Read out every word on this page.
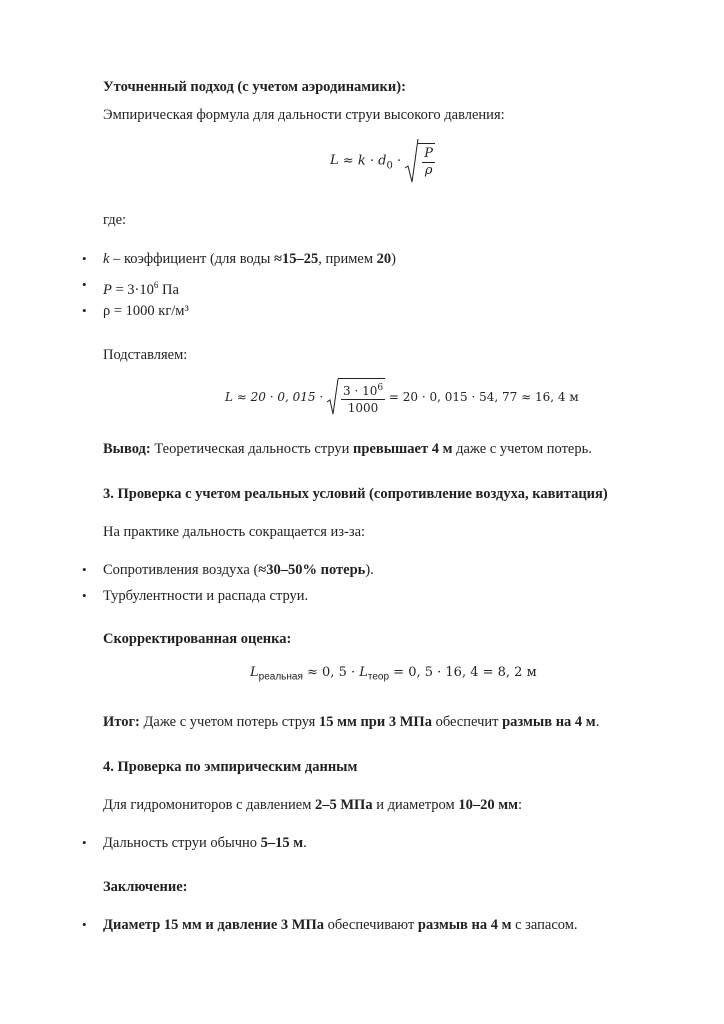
Уточненный подход (с учетом аэродинамики):
Эмпирическая формула для дальности струи высокого давления:
$L \approx k \cdot d_0 \cdot \frac{P}{\rho}$
где:
• k – коэффициент (для воды ≈15–25, примем 20)
• $P = 3\cdot 10^6$ Па
• ρ = 1000 кг/м³
Подставляем:
L ≈ 20 · 0, $015 \cdot \frac{3 \cdot 10^6}{1000} = 20 \cdot 0$, 015 · 54, 77 ≈ 16, 4 м
Вывод: Теоретическая дальность струи превышает 4 м даже с учетом потерь.
3. Проверка с учетом реальных условий (сопротивление воздуха, кавитация)
На практике дальность сокращается из-за:
• Сопротивления воздуха (≈30–50% потерь).
• Турбулентности и распада струи.
Скорректированная оценка:
$L_{реальная} \approx 0$, $5 \cdot L_{теор} = 0$, 5 · 16, 4 = 8, 2 м
Итог: Даже с учетом потерь струя 15 мм при 3 МПа обеспечит размыв на 4 м.
4. Проверка по эмпирическим данным
Для гидромониторов с давлением 2–5 МПа и диаметром 10–20 мм:
• Дальность струи обычно 5–15 м.
Заключение:
• Диаметр 15 мм и давление 3 МПа обеспечивают размыв на 4 м с запасом.
